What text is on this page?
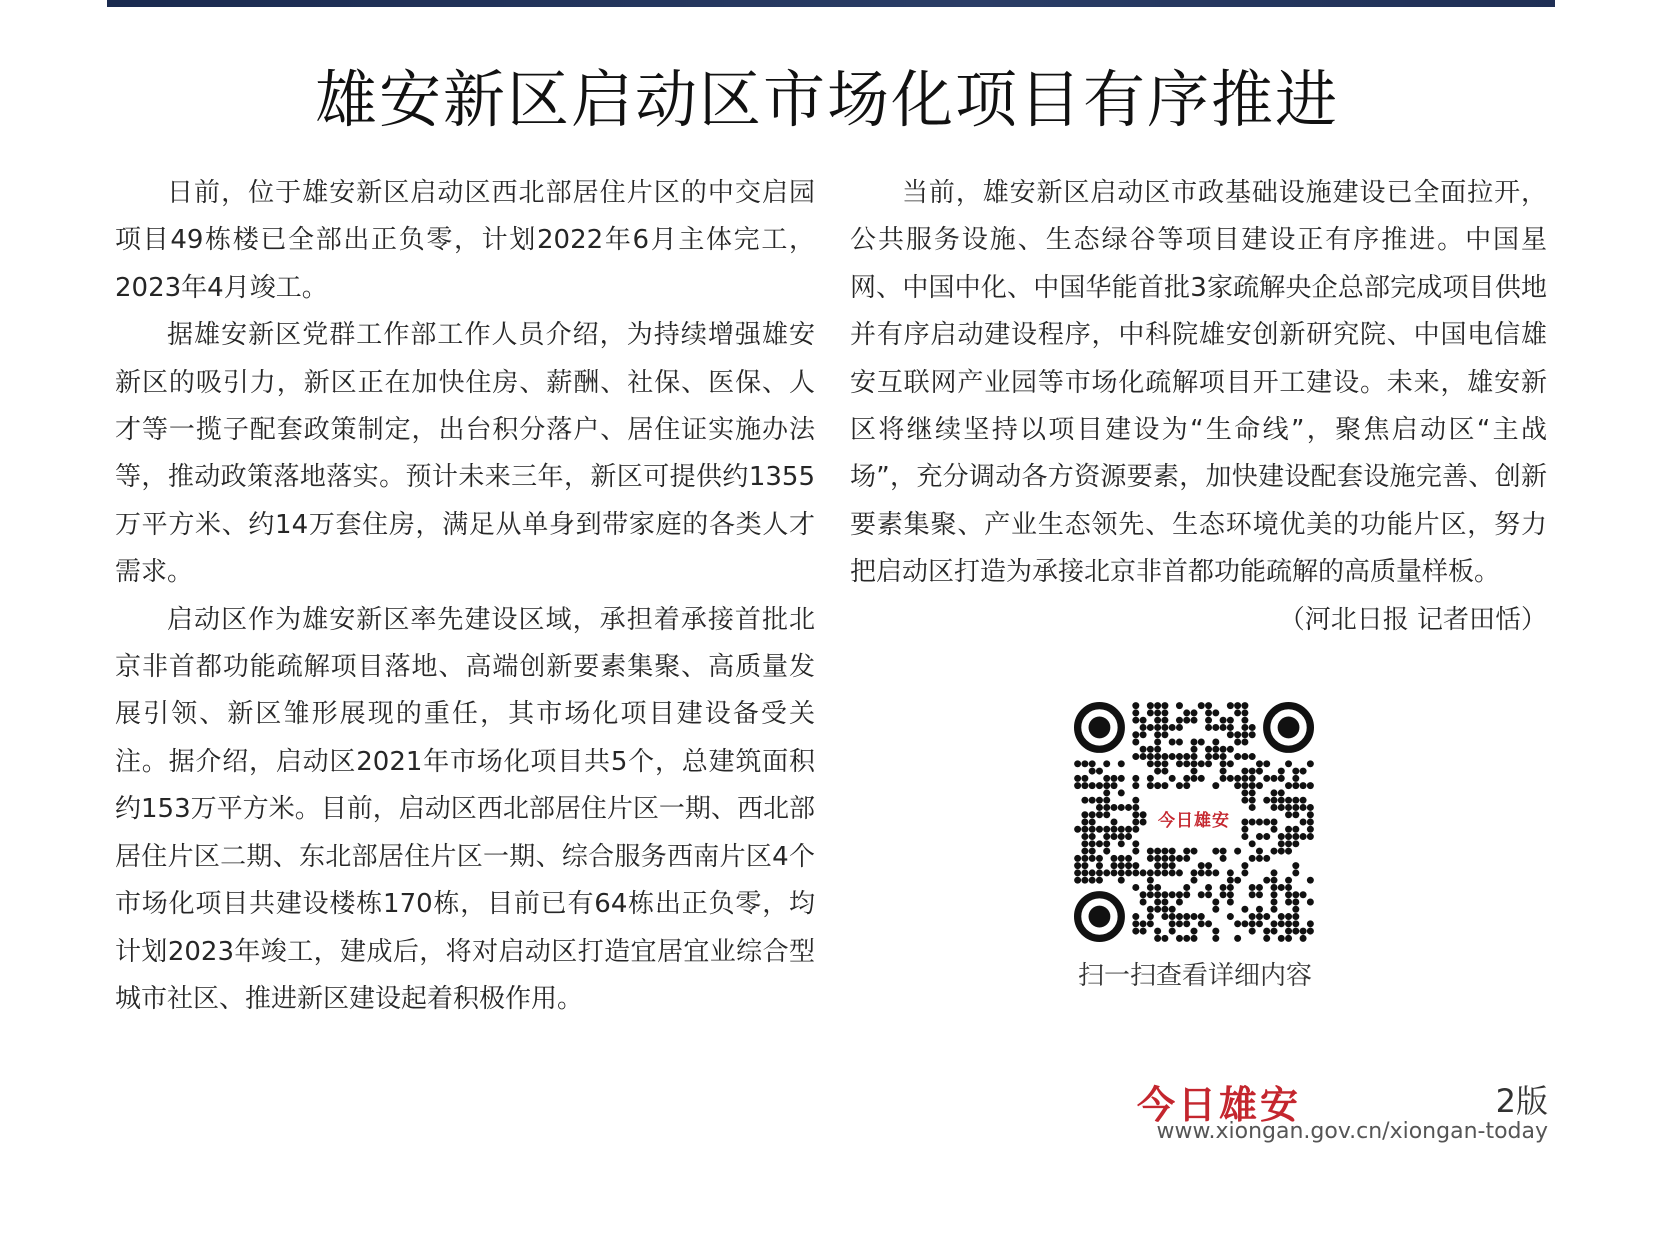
雄安新区启动区市场化项目有序推进

日前，位于雄安新区启动区西北部居住片区的中交启园项目49栋楼已全部出正负零，计划2022年6月主体完工，2023年4月竣工。

据雄安新区党群工作部工作人员介绍，为持续增强雄安新区的吸引力，新区正在加快住房、薪酬、社保、医保、人才等一揽子配套政策制定，出台积分落户、居住证实施办法等，推动政策落地落实。预计未来三年，新区可提供约1355万平方米、约14万套住房，满足从单身到带家庭的各类人才需求。

启动区作为雄安新区率先建设区域，承担着承接首批北京非首都功能疏解项目落地、高端创新要素集聚、高质量发展引领、新区雏形展现的重任，其市场化项目建设备受关注。据介绍，启动区2021年市场化项目共5个，总建筑面积约153万平方米。目前，启动区西北部居住片区一期、西北部居住片区二期、东北部居住片区一期、综合服务西南片区4个市场化项目共建设楼栋170栋，目前已有64栋出正负零，均计划2023年竣工，建成后，将对启动区打造宜居宜业综合型城市社区、推进新区建设起着积极作用。

当前，雄安新区启动区市政基础设施建设已全面拉开，公共服务设施、生态绿谷等项目建设正有序推进。中国星网、中国中化、中国华能首批3家疏解央企总部完成项目供地并有序启动建设程序，中科院雄安创新研究院、中国电信雄安互联网产业园等市场化疏解项目开工建设。未来，雄安新区将继续坚持以项目建设为“生命线”，聚焦启动区“主战场”，充分调动各方资源要素，加快建设配套设施完善、创新要素集聚、产业生态领先、生态环境优美的功能片区，努力把启动区打造为承接北京非首都功能疏解的高质量样板。
（河北日报 记者田恬）

今日雄安
扫一扫查看详细内容
今日雄安	2版
www.xiongan.gov.cn/xiongan-today
